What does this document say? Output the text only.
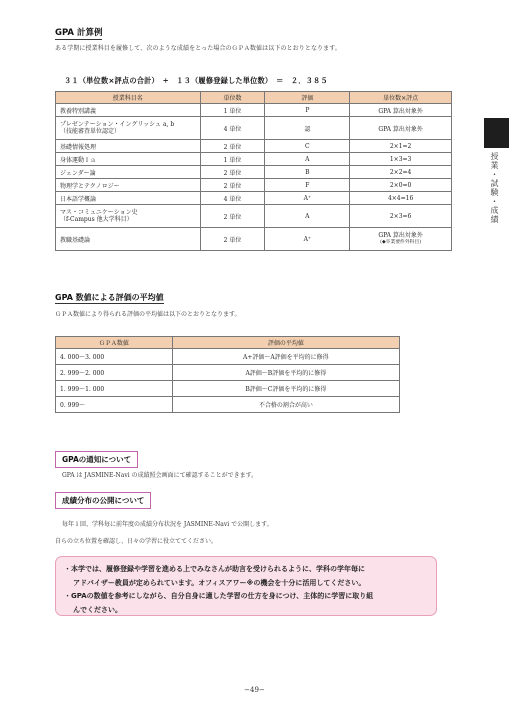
GPA 計算例
ある学期に授業科目を履修して、次のような成績をとった場合のＧＰＡ数値は以下のとおりとなります。
３１（単位数×評点の合計）　÷　１３（履修登録した単位数）　＝　２．３８５
授業科目名	単位数	評価	単位数×評点
教養特別講義	1 単位	P	GPA 算出対象外

プレゼンテーション・イングリッシュ a, b
（技能審査単位認定）	4 単位	認	GPA 算出対象外
基礎情報処理	2 単位	C	2×1=2
身体運動Ｉａ	1 単位	A	1×3=3
ジェンダー論	2 単位	B	2×2=4
物理学とテクノロジー	2 単位	F	2×0=0
日本語学概論	4 単位	A⁺	4×4=16

マス・コミュニケーション史
（f-Campus 他大学科目）	2 単位	A	2×3=6
教職基礎論	2 単位	A⁺	GPA 算出対象外
(◆卒業要件外科目)
GPA 数値による評価の平均値
ＧＰＡ数値により得られる評価の平均値は以下のとおりとなります。
ＧＰＡ数値	評価の平均値
4. 000〜3. 000	A+評価〜A評価を平均的に修得
2. 999〜2. 000	A評価〜B評価を平均的に修得
1. 999〜1. 000	B評価〜C評価を平均的に修得
0. 999〜	不合格の割合が高い
GPAの通知について
GPA は JASMINE-Navi の成績照会画面にて確認することができます。
成績分布の公開について
毎年１回、学科毎に前年度の成績分布状況を JASMINE-Navi で公開します。
自らの立ち位置を確認し、日々の学習に役立ててください。

・本学では、履修登録や学習を進める上でみなさんが助言を受けられるように、学科の学年毎に

アドバイザー教員が定められています。オフィスアワー※の機会を十分に活用してください。

・GPAの数値を参考にしながら、自分自身に適した学習の仕方を身につけ、主体的に学習に取り組

んでください。

授業・試験・成績
−49−
